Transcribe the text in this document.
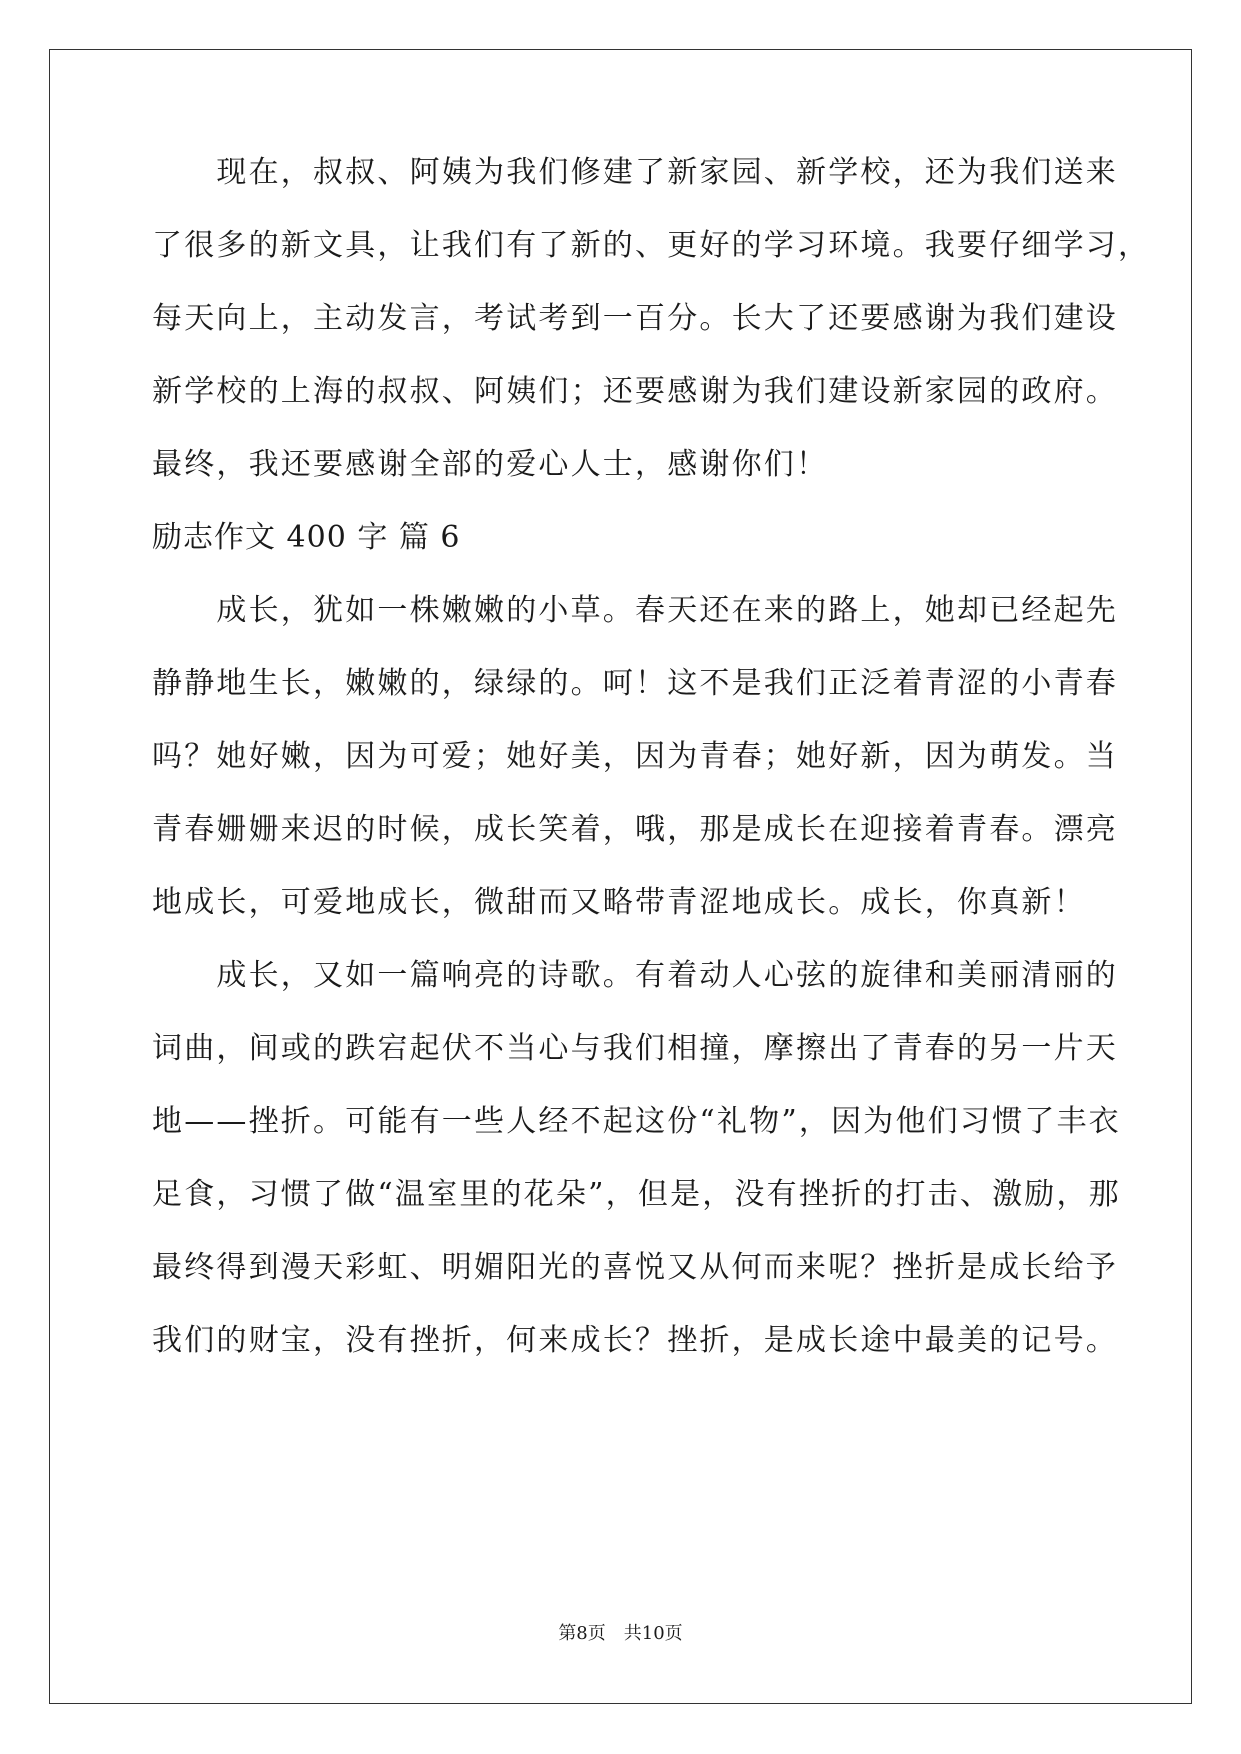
　　现在，叔叔、阿姨为我们修建了新家园、新学校，还为我们送来
了很多的新文具，让我们有了新的、更好的学习环境。我要仔细学习，
每天向上，主动发言，考试考到一百分。长大了还要感谢为我们建设
新学校的上海的叔叔、阿姨们；还要感谢为我们建设新家园的政府。
最终，我还要感谢全部的爱心人士，感谢你们！
励志作文 400 字 篇 6
　　成长，犹如一株嫩嫩的小草。春天还在来的路上，她却已经起先
静静地生长，嫩嫩的，绿绿的。呵！这不是我们正泛着青涩的小青春
吗？她好嫩，因为可爱；她好美，因为青春；她好新，因为萌发。当
青春姗姗来迟的时候，成长笑着，哦，那是成长在迎接着青春。漂亮
地成长，可爱地成长，微甜而又略带青涩地成长。成长，你真新！
　　成长，又如一篇响亮的诗歌。有着动人心弦的旋律和美丽清丽的
词曲，间或的跌宕起伏不当心与我们相撞，摩擦出了青春的另一片天
地——挫折。可能有一些人经不起这份“礼物”，因为他们习惯了丰衣
足食，习惯了做“温室里的花朵”，但是，没有挫折的打击、激励，那
最终得到漫天彩虹、明媚阳光的喜悦又从何而来呢？挫折是成长给予
我们的财宝，没有挫折，何来成长？挫折，是成长途中最美的记号。
第8页 共10页
